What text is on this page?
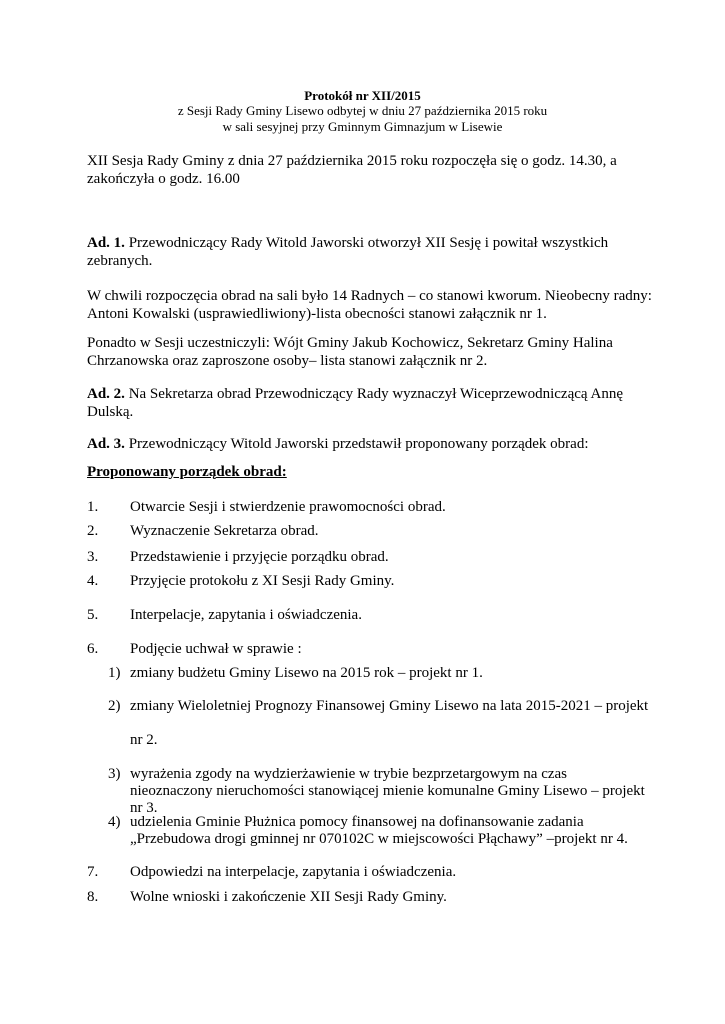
Protokół nr XII/2015
z Sesji Rady Gminy Lisewo odbytej w dniu 27 października 2015 roku
w sali sesyjnej przy Gminnym Gimnazjum w Lisewie
XII Sesja Rady Gminy z dnia 27 października 2015 roku rozpoczęła się o godz. 14.30, a
zakończyła o godz. 16.00
Ad. 1. Przewodniczący Rady Witold Jaworski otworzył XII Sesję i powitał wszystkich
zebranych.
W chwili rozpoczęcia obrad na sali było 14 Radnych – co stanowi kworum. Nieobecny radny:
Antoni Kowalski (usprawiedliwiony)-lista obecności stanowi załącznik nr 1.
Ponadto w Sesji uczestniczyli: Wójt Gminy Jakub Kochowicz, Sekretarz Gminy Halina
Chrzanowska oraz zaproszone osoby– lista stanowi załącznik nr 2.
Ad. 2. Na Sekretarza obrad Przewodniczący Rady wyznaczył Wiceprzewodniczącą Annę
Dulską.
Ad. 3. Przewodniczący Witold Jaworski przedstawił proponowany porządek obrad:
Proponowany porządek obrad:
1. Otwarcie Sesji i stwierdzenie prawomocności obrad.
2. Wyznaczenie Sekretarza obrad.
3. Przedstawienie i przyjęcie porządku obrad.
4. Przyjęcie protokołu z XI Sesji Rady Gminy.
5. Interpelacje, zapytania i oświadczenia.
6. Podjęcie uchwał w sprawie :
1) zmiany budżetu Gminy Lisewo na 2015 rok – projekt nr 1.
2) zmiany Wieloletniej Prognozy Finansowej Gminy Lisewo na lata 2015-2021 – projekt
nr 2.
3) wyrażenia zgody na wydzierżawienie w trybie bezprzetargowym na czas
nieoznaczony nieruchomości stanowiącej mienie komunalne Gminy Lisewo – projekt
nr 3.
4) udzielenia Gminie Płużnica pomocy finansowej na dofinansowanie zadania
„Przebudowa drogi gminnej nr 070102C w miejscowości Płąchawy” –projekt nr 4.
7. Odpowiedzi na interpelacje, zapytania i oświadczenia.
8. Wolne wnioski i zakończenie XII Sesji Rady Gminy.
